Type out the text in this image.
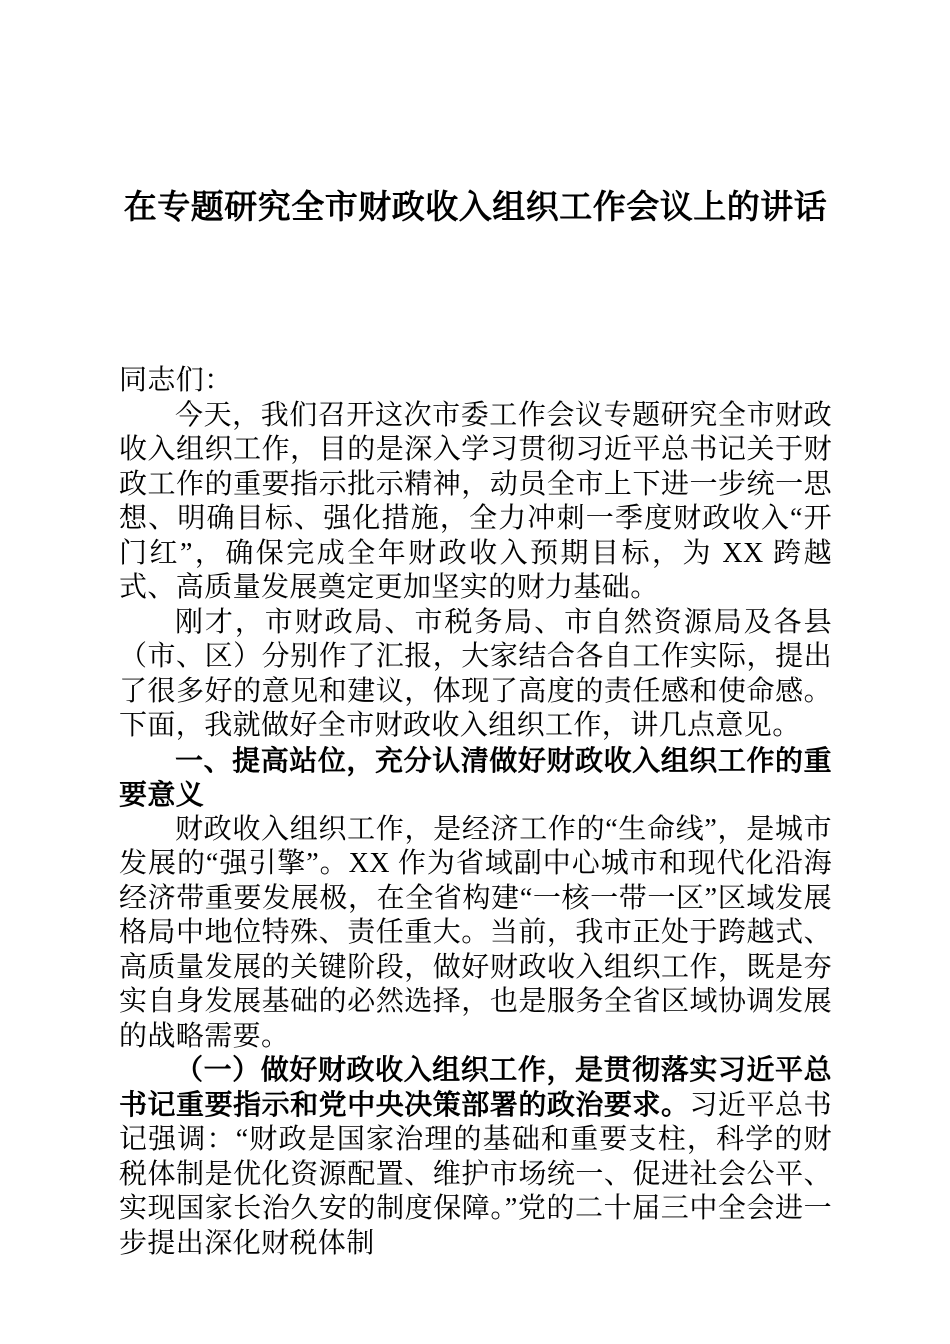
在专题研究全市财政收入组织工作会议上的讲话

同志们：

今天，我们召开这次市委工作会议专题研究全市财政收入组织工作，目的是深入学习贯彻习近平总书记关于财政工作的重要指示批示精神，动员全市上下进一步统一思想、明确目标、强化措施，全力冲刺一季度财政收入“开门红”，确保完成全年财政收入预期目标，为 XX 跨越式、高质量发展奠定更加坚实的财力基础。

刚才，市财政局、市税务局、市自然资源局及各县（市、区）分别作了汇报，大家结合各自工作实际，提出了很多好的意见和建议，体现了高度的责任感和使命感。下面，我就做好全市财政收入组织工作，讲几点意见。

一、提高站位，充分认清做好财政收入组织工作的重要意义

财政收入组织工作，是经济工作的“生命线”，是城市发展的“强引擎”。XX 作为省域副中心城市和现代化沿海经济带重要发展极，在全省构建“一核一带一区”区域发展格局中地位特殊、责任重大。当前，我市正处于跨越式、高质量发展的关键阶段，做好财政收入组织工作，既是夯实自身发展基础的必然选择，也是服务全省区域协调发展的战略需要。

（一）做好财政收入组织工作，是贯彻落实习近平总书记重要指示和党中央决策部署的政治要求。习近平总书记强调：“财政是国家治理的基础和重要支柱，科学的财税体制是优化资源配置、维护市场统一、促进社会公平、实现国家长治久安的制度保障。”党的二十届三中全会进一步提出深化财税体制
